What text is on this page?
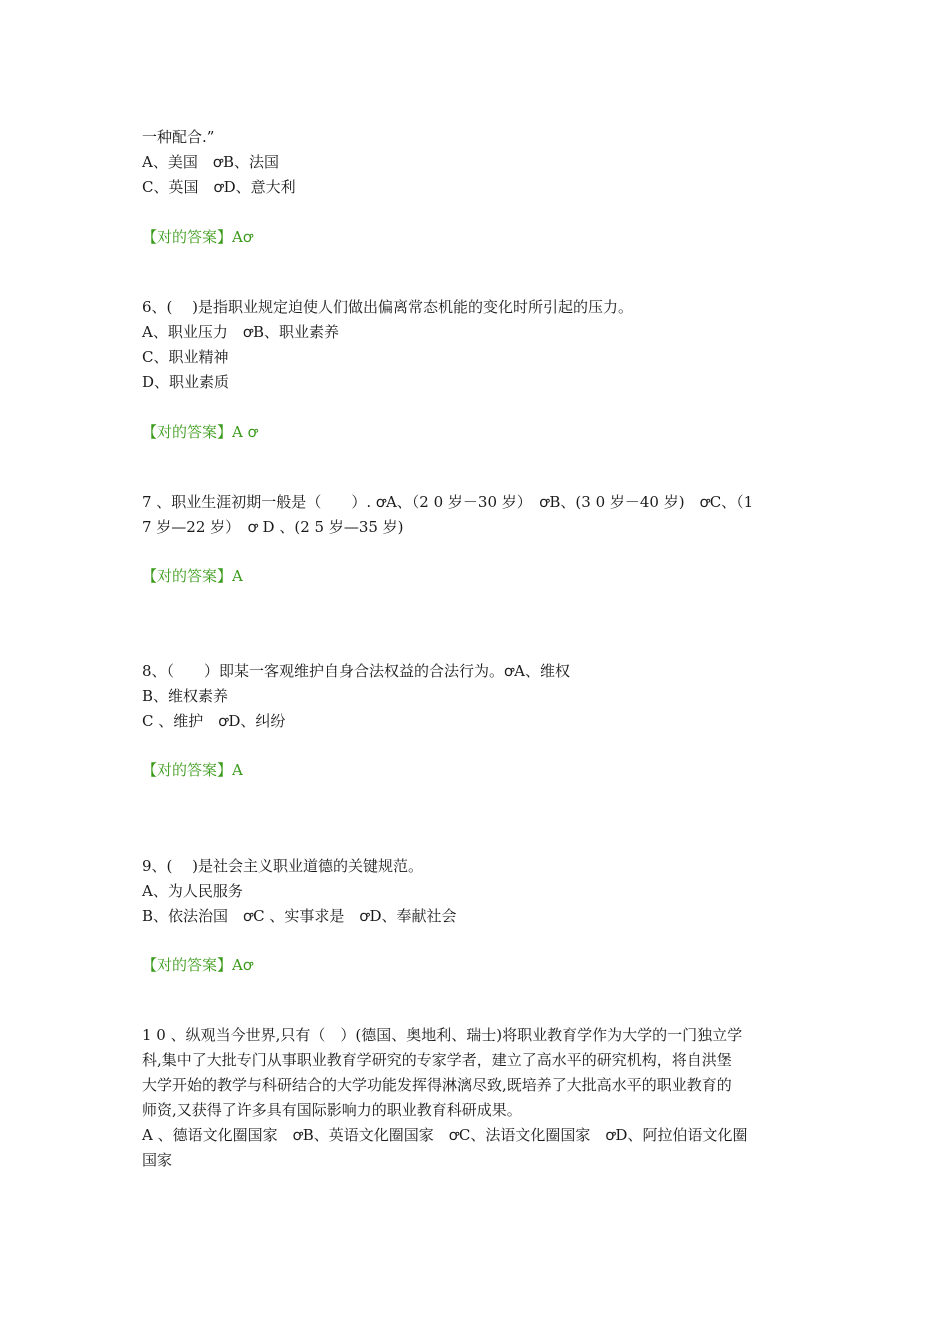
一种配合.”
A、美国　ꝍB、法国
C、英国　ꝍD、意大利
【对的答案】Aꝍ
6、(　 )是指职业规定迫使人们做出偏离常态机能的变化时所引起的压力。
A、职业压力　ꝍB、职业素养
C、职业精神
D、职业素质
【对的答案】A ꝍ
7 、职业生涯初期一般是（　　）. ꝍA、（2 0 岁－30 岁）　ꝍB、(3 0 岁－40 岁)　ꝍC、（1
7 岁—22 岁）　ꝍ D 、(2 5 岁—35 岁)
【对的答案】A
8、（　　）即某一客观维护自身合法权益的合法行为。ꝍA、维权
B、维权素养
C 、维护　ꝍD、纠纷
【对的答案】A
9、(　 )是社会主义职业道德的关键规范。
A、为人民服务
B、依法治国　ꝍC 、实事求是　ꝍD、奉献社会
【对的答案】Aꝍ
1 0 、纵观当今世界,只有（　）(德国、奥地利、瑞士)将职业教育学作为大学的一门独立学
科,集中了大批专门从事职业教育学研究的专家学者，建立了高水平的研究机构，将自洪堡
大学开始的教学与科研结合的大学功能发挥得淋漓尽致,既培养了大批高水平的职业教育的
师资,又获得了许多具有国际影响力的职业教育科研成果。
A 、德语文化圈国家　ꝍB、英语文化圈国家　ꝍC、法语文化圈国家　ꝍD、阿拉伯语文化圈
国家
